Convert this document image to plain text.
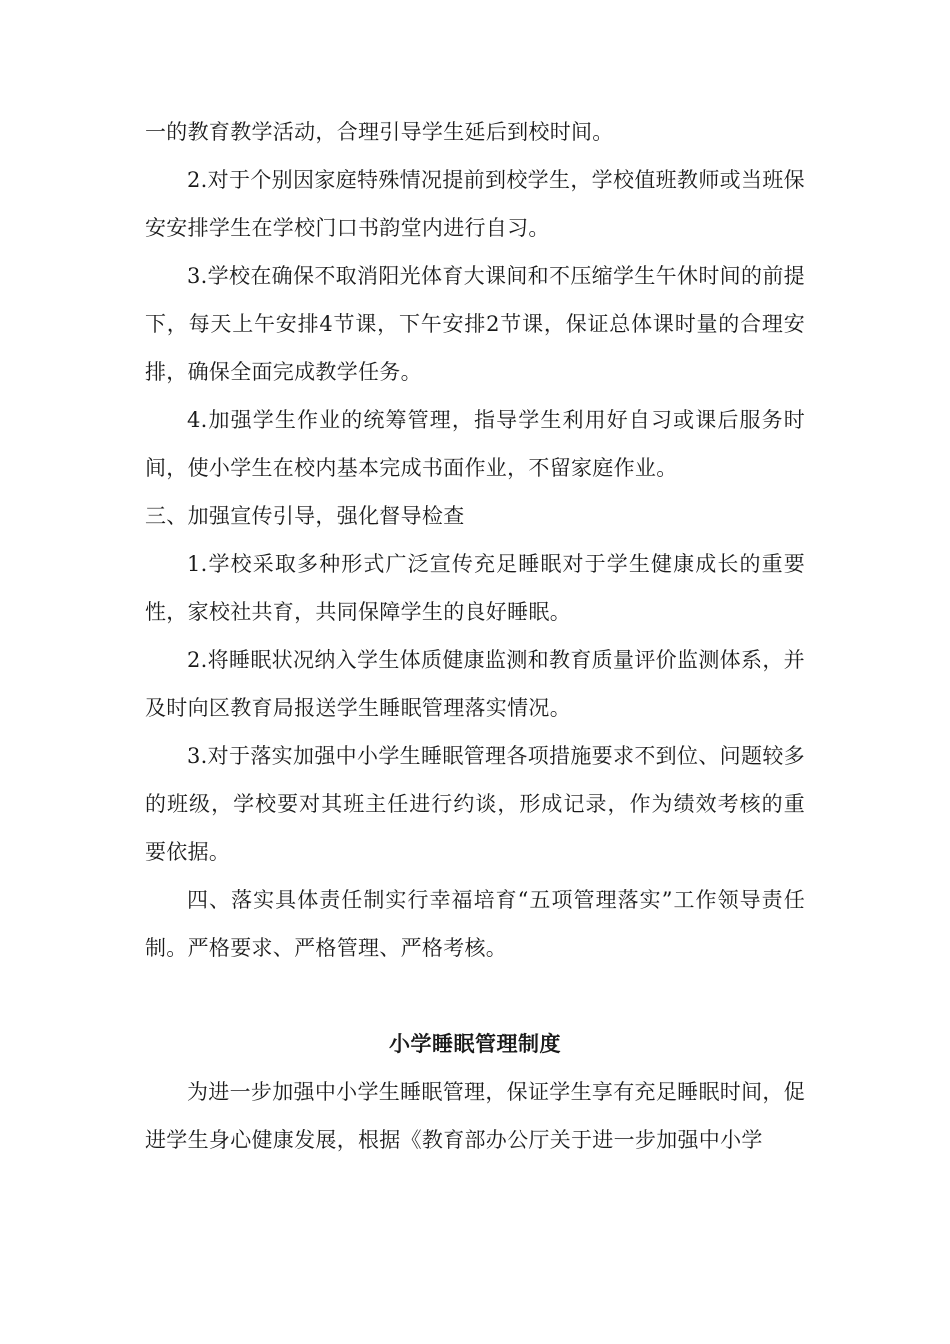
一的教育教学活动，合理引导学生延后到校时间。

2.对于个别因家庭特殊情况提前到校学生，学校值班教师或当班保安安排学生在学校门口书韵堂内进行自习。

3.学校在确保不取消阳光体育大课间和不压缩学生午休时间的前提下，每天上午安排4节课，下午安排2节课，保证总体课时量的合理安排，确保全面完成教学任务。

4.加强学生作业的统筹管理，指导学生利用好自习或课后服务时间，使小学生在校内基本完成书面作业，不留家庭作业。

三、加强宣传引导，强化督导检查

1.学校采取多种形式广泛宣传充足睡眠对于学生健康成长的重要性，家校社共育，共同保障学生的良好睡眠。

2.将睡眠状况纳入学生体质健康监测和教育质量评价监测体系，并及时向区教育局报送学生睡眠管理落实情况。

3.对于落实加强中小学生睡眠管理各项措施要求不到位、问题较多的班级，学校要对其班主任进行约谈，形成记录，作为绩效考核的重要依据。

四、落实具体责任制实行幸福培育“五项管理落实”工作领导责任制。严格要求、严格管理、严格考核。

小学睡眠管理制度

为进一步加强中小学生睡眠管理，保证学生享有充足睡眠时间，促进学生身心健康发展，根据《教育部办公厅关于进一步加强中小学
